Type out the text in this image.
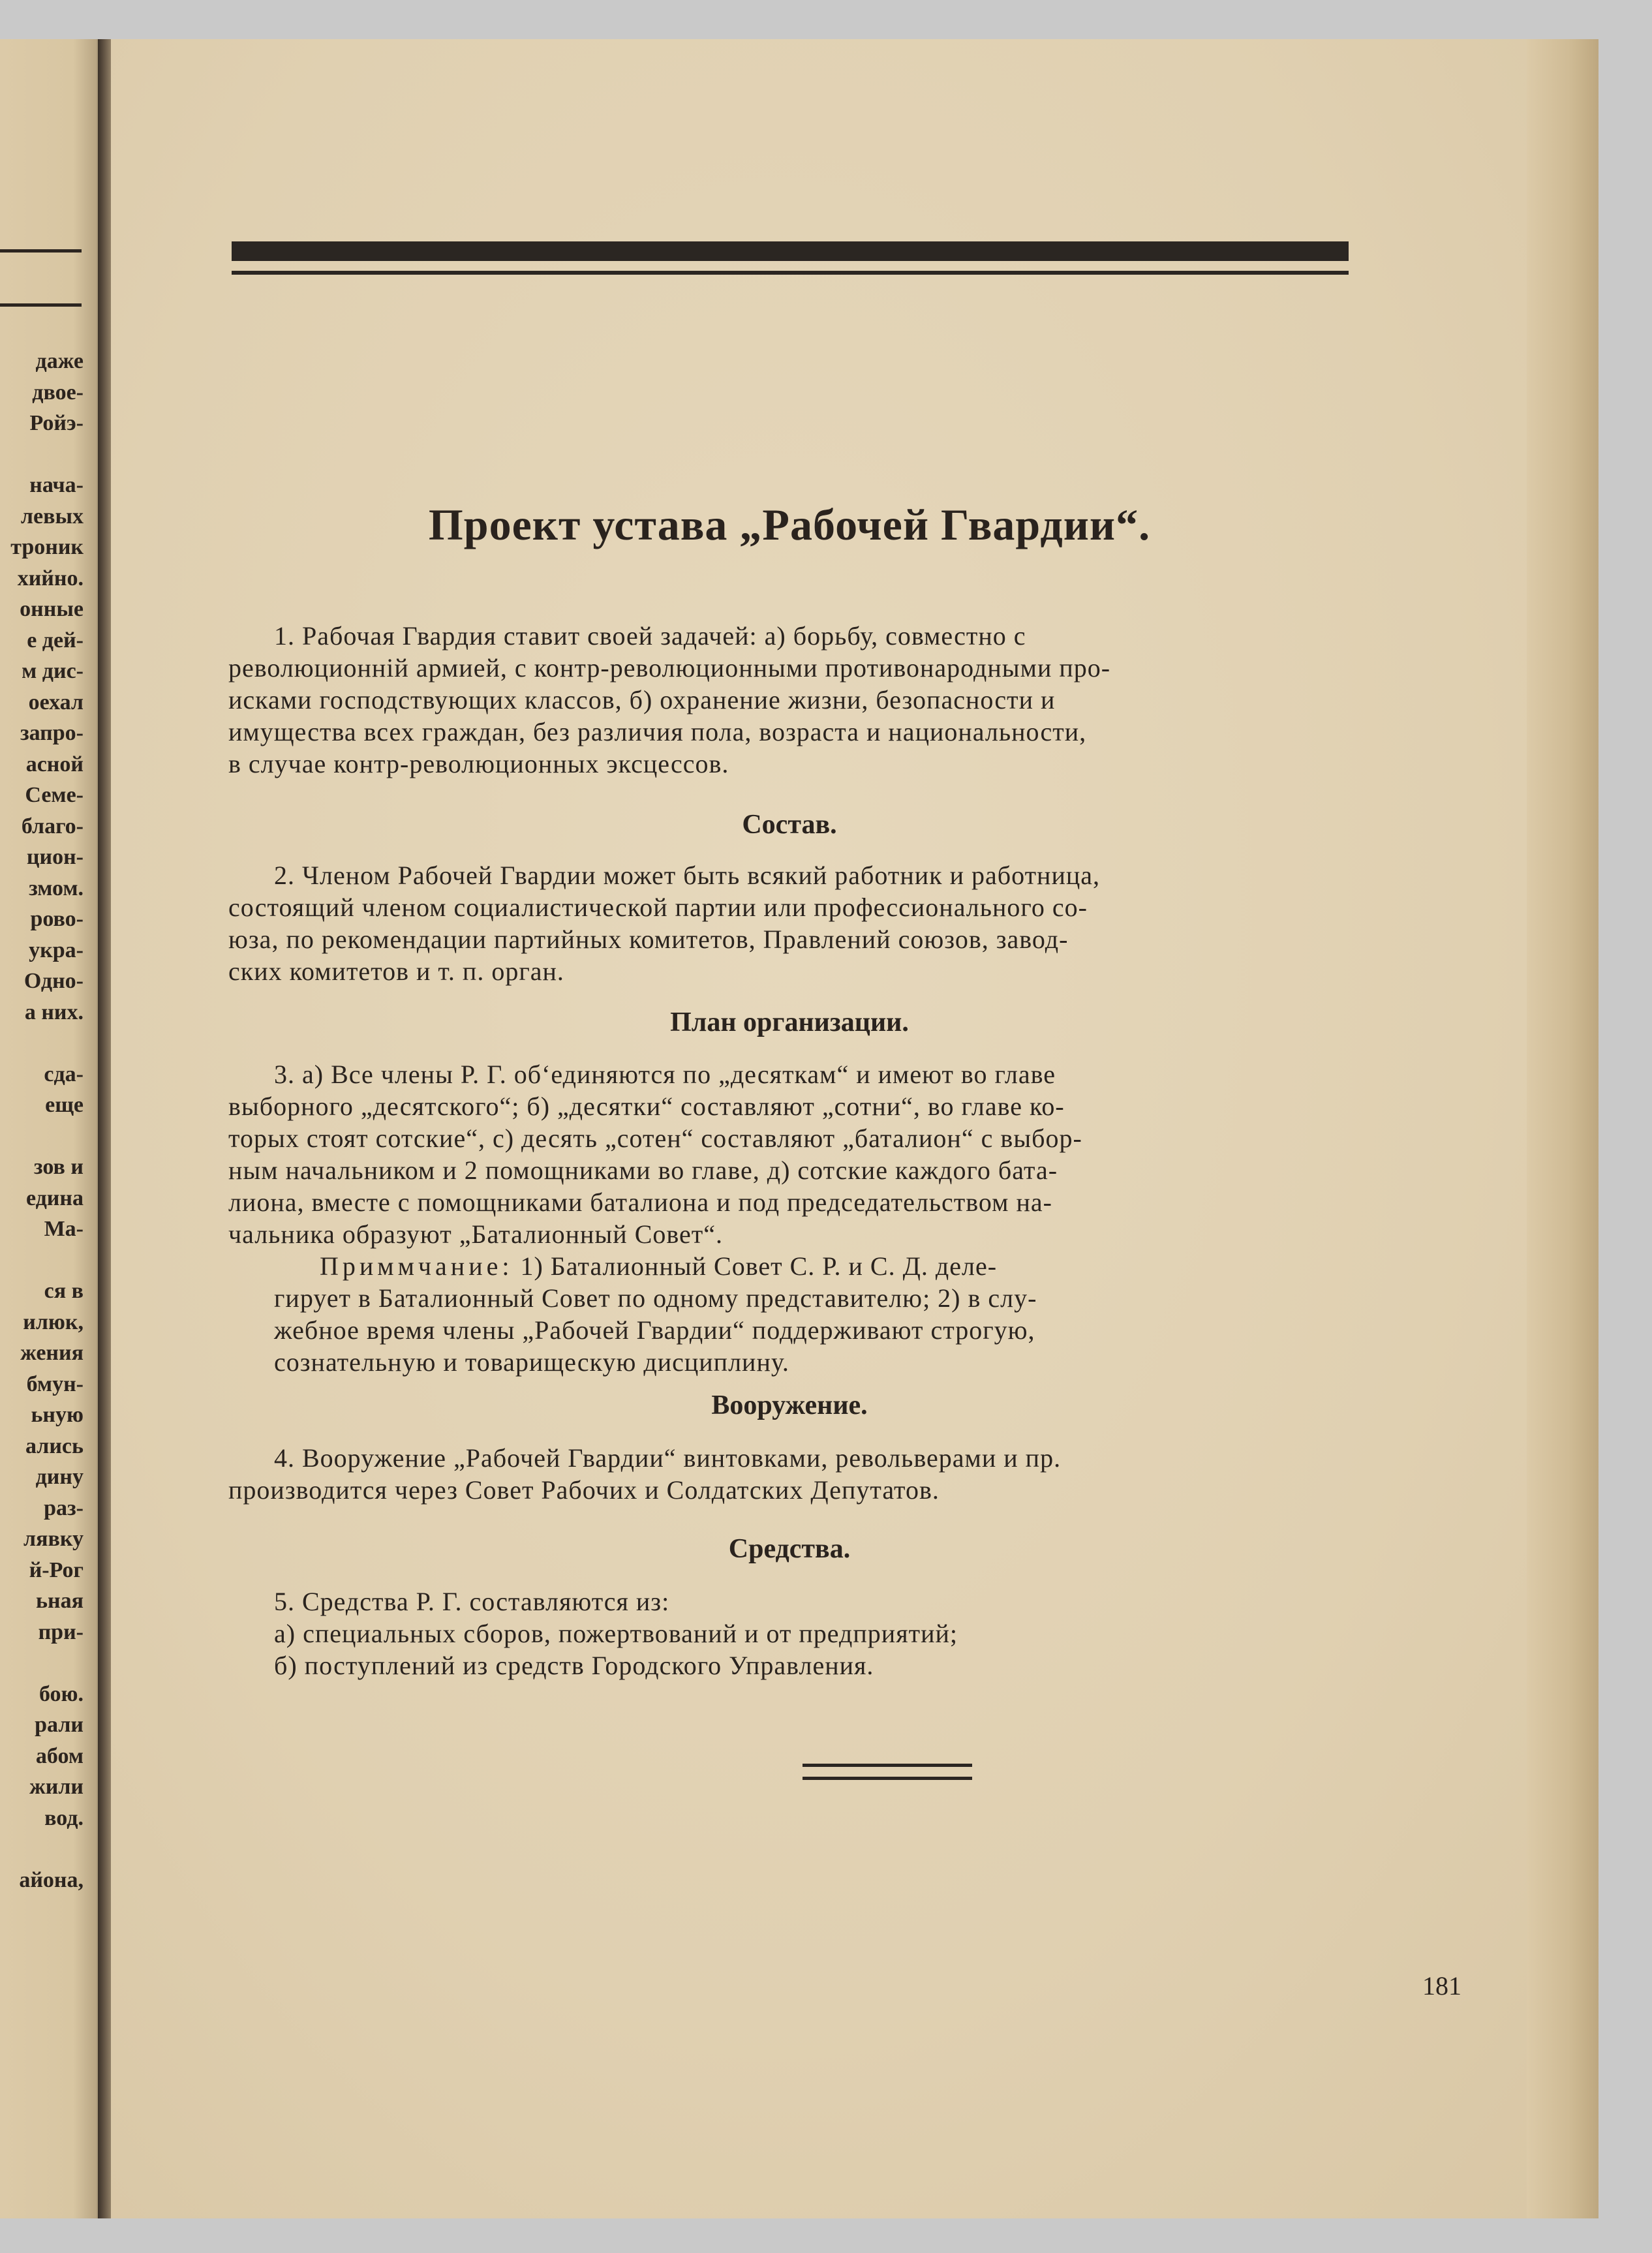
даже
двое-
Ройэ-
нача-
левых
троник
хийно.
онные
е дей-
м дис-
оехал
запро-
асной
Семе-
благо-
цион-
змом.
рово-
укра-
Одно-
а них.
сда-
еще
зов и
едина
Ма-
ся в
илюк,
жения
бмун-
ьную
ались
дину
раз-
лявку
й-Рог
ьная
при-
бою.
рали
абом
жили
вод.
айона,
Проект устава „Рабочей Гвардии“.

1. Рабочая Гвардия ставит своей задачей: а) борьбу, совместно с
революционній армией, с контр-революционными противонародными про-
исками господствующих классов, б) охранение жизни, безопасности и
имущества всех граждан, без различия пола, возраста и национальности,
в случае контр-революционных эксцессов.

Состав.

2. Членом Рабочей Гвардии может быть всякий работник и работница,
состоящий членом социалистической партии или профессионального со-
юза, по рекомендации партийных комитетов, Правлений союзов, завод-
ских комитетов и т. п. орган.

План организации.

3. а) Все члены Р. Г. об‘единяются по „десяткам“ и имеют во главе
выборного „десятского“; б) „десятки“ составляют „сотни“, во главе ко-
торых стоят сотские“, с) десять „сотен“ составляют „баталион“ с выбор-
ным начальником и 2 помощниками во главе, д) сотские каждого бата-
лиона, вместе с помощниками баталиона и под председательством на-
чальника образуют „Баталионный Совет“.

Приммчание: 1) Баталионный Совет С. Р. и С. Д. деле-
гирует в Баталионный Совет по одному представителю; 2) в слу-
жебное время члены „Рабочей Гвардии“ поддерживают строгую,
сознательную и товарищескую дисциплину.

Вооружение.

4. Вооружение „Рабочей Гвардии“ винтовками, револьверами и пр.
производится через Совет Рабочих и Солдатских Депутатов.

Средства.

5. Средства Р. Г. составляются из:
а) специальных сборов, пожертвований и от предприятий;
б) поступлений из средств Городского Управления.

181
